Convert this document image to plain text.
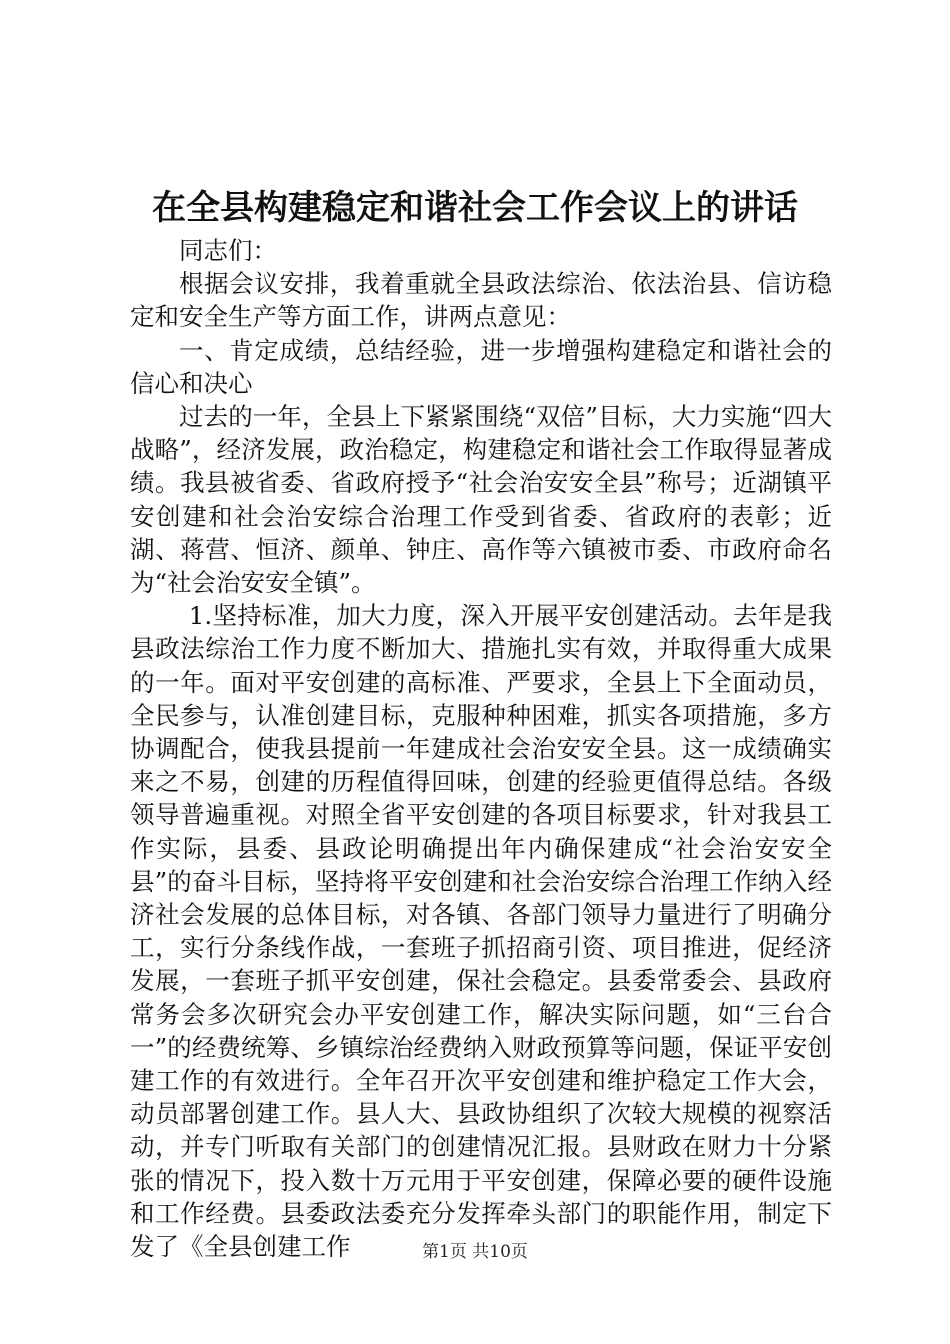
在全县构建稳定和谐社会工作会议上的讲话

同志们：

根据会议安排，我着重就全县政法综治、依法治县、信访稳定和安全生产等方面工作，讲两点意见：

一、肯定成绩，总结经验，进一步增强构建稳定和谐社会的信心和决心

过去的一年，全县上下紧紧围绕“双倍”目标，大力实施“四大战略”，经济发展，政治稳定，构建稳定和谐社会工作取得显著成绩。我县被省委、省政府授予“社会治安安全县”称号；近湖镇平安创建和社会治安综合治理工作受到省委、省政府的表彰；近湖、蒋营、恒济、颜单、钟庄、高作等六镇被市委、市政府命名为“社会治安安全镇”。

1.坚持标准，加大力度，深入开展平安创建活动。去年是我县政法综治工作力度不断加大、措施扎实有效，并取得重大成果的一年。面对平安创建的高标准、严要求，全县上下全面动员，全民参与，认准创建目标，克服种种困难，抓实各项措施，多方协调配合，使我县提前一年建成社会治安安全县。这一成绩确实来之不易，创建的历程值得回味，创建的经验更值得总结。各级领导普遍重视。对照全省平安创建的各项目标要求，针对我县工作实际，县委、县政论明确提出年内确保建成“社会治安安全县”的奋斗目标，坚持将平安创建和社会治安综合治理工作纳入经济社会发展的总体目标，对各镇、各部门领导力量进行了明确分工，实行分条线作战，一套班子抓招商引资、项目推进，促经济发展，一套班子抓平安创建，保社会稳定。县委常委会、县政府常务会多次研究会办平安创建工作，解决实际问题，如“三台合一”的经费统筹、乡镇综治经费纳入财政预算等问题，保证平安创建工作的有效进行。全年召开次平安创建和维护稳定工作大会，动员部署创建工作。县人大、县政协组织了次较大规模的视察活动，并专门听取有关部门的创建情况汇报。县财政在财力十分紧张的情况下，投入数十万元用于平安创建，保障必要的硬件设施和工作经费。县委政法委充分发挥牵头部门的职能作用，制定下发了《全县创建工作	第1页 共10页
